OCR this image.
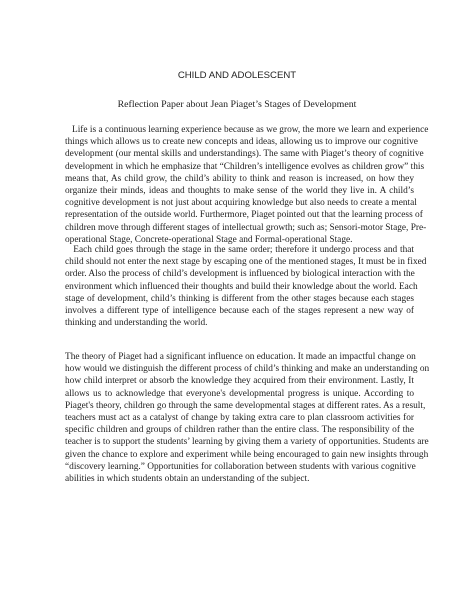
CHILD AND ADOLESCENT
Reflection Paper about Jean Piaget’s Stages of Development
Life is a continuous learning experience because as we grow, the more we learn and experience
things which allows us to create new concepts and ideas, allowing us to improve our cognitive
development (our mental skills and understandings). The same with Piaget’s theory of cognitive
development in which he emphasize that “Children’s intelligence evolves as children grow” this
means that, As child grow, the child’s ability to think and reason is increased, on how they
organize their minds, ideas and thoughts to make sense of the world they live in. A child’s
cognitive development is not just about acquiring knowledge but also needs to create a mental
representation of the outside world. Furthermore, Piaget pointed out that the learning process of
children move through different stages of intellectual growth; such as; Sensori-motor Stage, Pre-
operational Stage, Concrete-operational Stage and Formal-operational Stage.
Each child goes through the stage in the same order; therefore it undergo process and that
child should not enter the next stage by escaping one of the mentioned stages, It must be in fixed
order. Also the process of child’s development is influenced by biological interaction with the
environment which influenced their thoughts and build their knowledge about the world. Each
stage of development, child’s thinking is different from the other stages because each stages
involves a different type of intelligence because each of the stages represent a new way of
thinking and understanding the world.
The theory of Piaget had a significant influence on education. It made an impactful change on
how would we distinguish the different process of child’s thinking and make an understanding on
how child interpret or absorb the knowledge they acquired from their environment. Lastly, It
allows us to acknowledge that everyone's developmental progress is unique. According to
Piaget's theory, children go through the same developmental stages at different rates. As a result,
teachers must act as a catalyst of change by taking extra care to plan classroom activities for
specific children and groups of children rather than the entire class. The responsibility of the
teacher is to support the students’ learning by giving them a variety of opportunities. Students are
given the chance to explore and experiment while being encouraged to gain new insights through
“discovery learning.” Opportunities for collaboration between students with various cognitive
abilities in which students obtain an understanding of the subject.
